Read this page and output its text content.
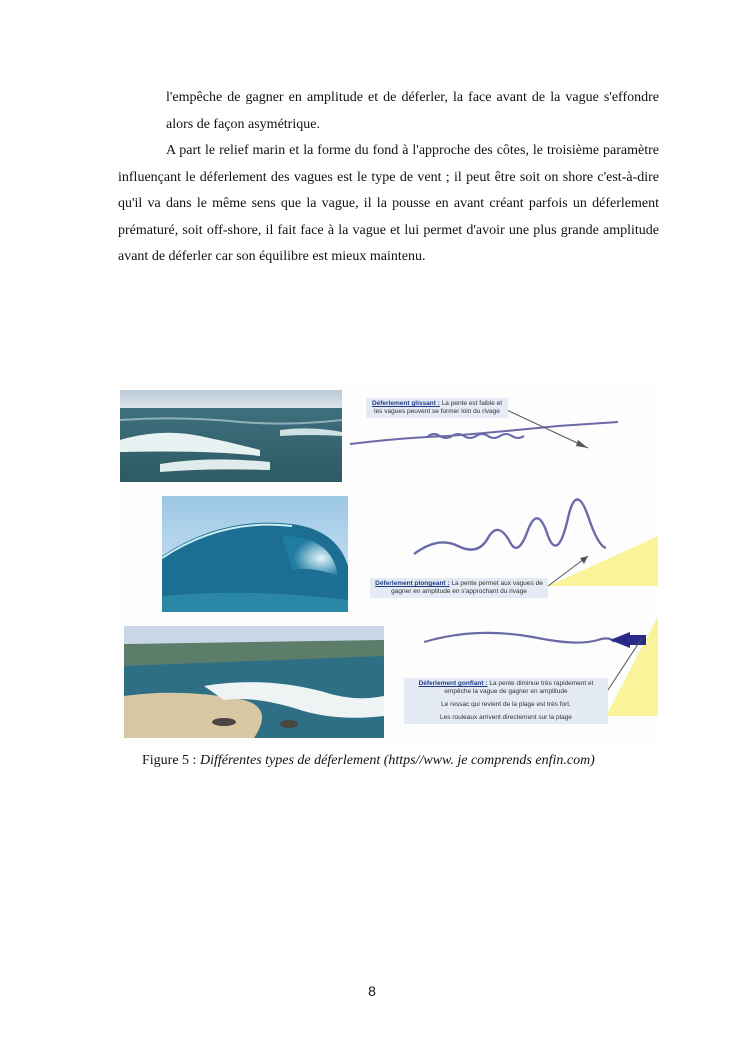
l'empêche de gagner en amplitude et de déferler, la face avant de la vague s'effondre alors de façon asymétrique.

A part le relief marin et la forme du fond à l'approche des côtes, le troisième paramètre influençant le déferlement des vagues est le type de vent ; il peut être soit on shore c'est-à-dire qu'il va dans le même sens que la vague, il la pousse en avant créant parfois un déferlement prématuré, soit off-shore, il fait face à la vague et lui permet d'avoir une plus grande amplitude avant de déferler car son équilibre est mieux maintenu.

Déferlement glissant : La pente est faible et les vagues peuvent se former loin du rivage
Déferlement plongeant : La pente permet aux vagues de gagner en amplitude en s'approchant du rivage
Déferlement gonflant : La pente diminue très rapidement et empêche la vague de gagner en amplitude
Le ressac qui revient de la plage est très fort.
Les rouleaux arrivent directement sur la plage

Figure 5 : Différentes types de déferlement (https//www. je comprends enfin.com)

8
